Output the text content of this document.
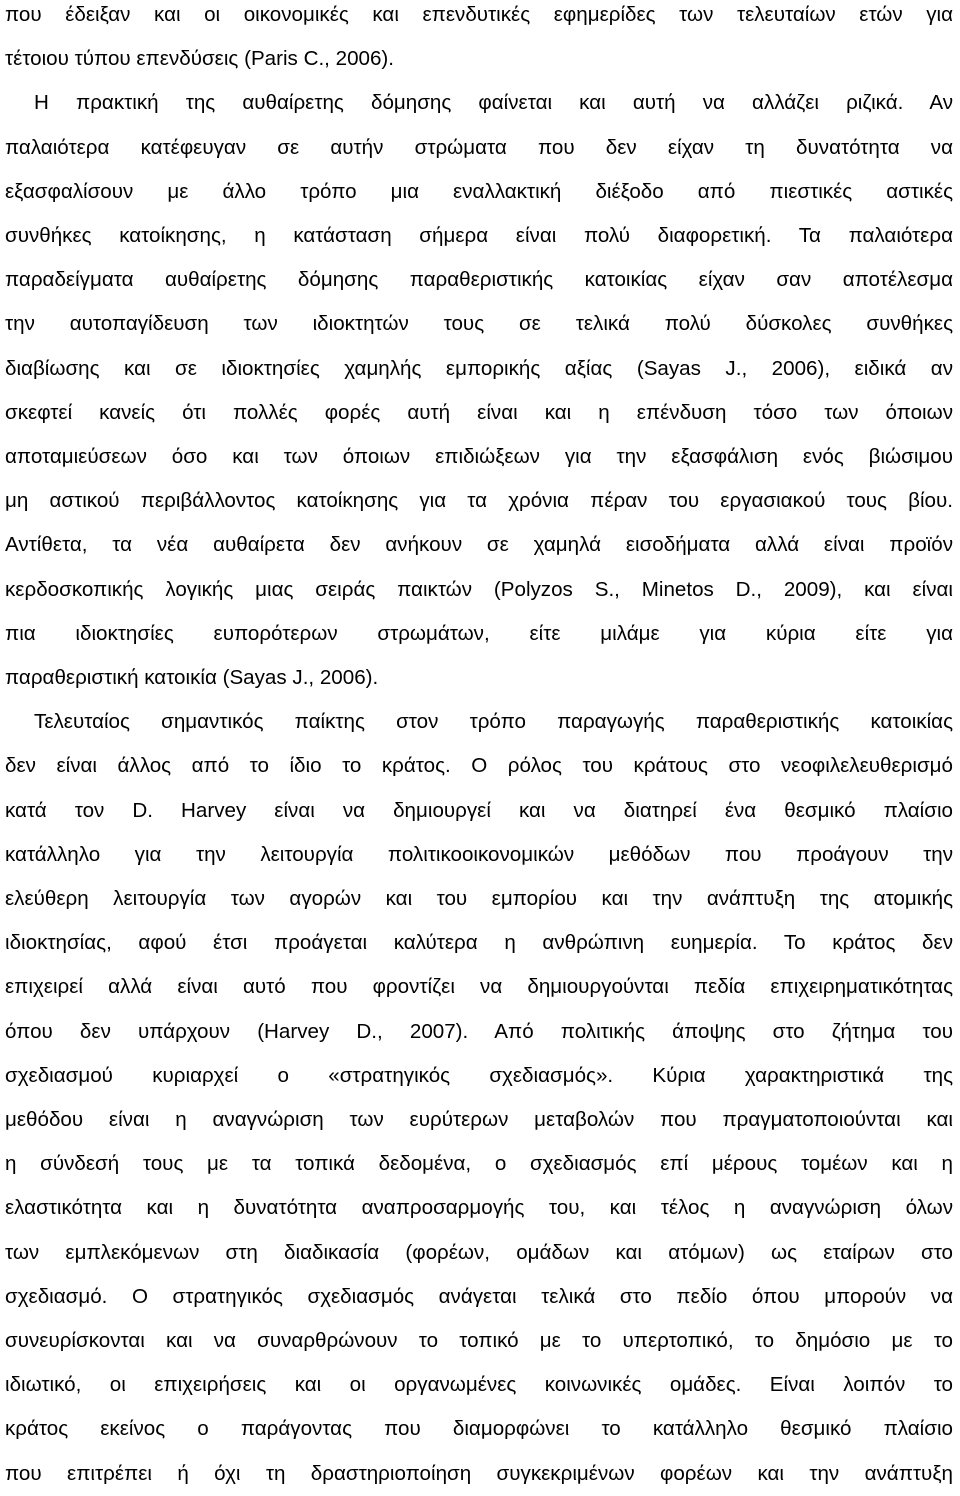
που έδειξαν και οι οικονομικές και επενδυτικές εφημερίδες των τελευταίων ετών για
τέτοιου τύπου επενδύσεις (Paris C., 2006).
Η πρακτική της αυθαίρετης δόμησης φαίνεται και αυτή να αλλάζει ριζικά. Αν
παλαιότερα κατέφευγαν σε αυτήν στρώματα που δεν είχαν τη δυνατότητα να
εξασφαλίσουν με άλλο τρόπο μια εναλλακτική διέξοδο από πιεστικές αστικές
συνθήκες κατοίκησης, η κατάσταση σήμερα είναι πολύ διαφορετική. Τα παλαιότερα
παραδείγματα αυθαίρετης δόμησης παραθεριστικής κατοικίας είχαν σαν αποτέλεσμα
την αυτοπαγίδευση των ιδιοκτητών τους σε τελικά πολύ δύσκολες συνθήκες
διαβίωσης και σε ιδιοκτησίες χαμηλής εμπορικής αξίας (Sayas J., 2006), ειδικά αν
σκεφτεί κανείς ότι πολλές φορές αυτή είναι και η επένδυση τόσο των όποιων
αποταμιεύσεων όσο και των όποιων επιδιώξεων για την εξασφάλιση ενός βιώσιμου
μη αστικού περιβάλλοντος κατοίκησης για τα χρόνια πέραν του εργασιακού τους βίου.
Αντίθετα, τα νέα αυθαίρετα δεν ανήκουν σε χαμηλά εισοδήματα αλλά είναι προϊόν
κερδοσκοπικής λογικής μιας σειράς παικτών (Polyzos S., Minetos D., 2009), και είναι
πια ιδιοκτησίες ευπορότερων στρωμάτων, είτε μιλάμε για κύρια είτε για
παραθεριστική κατοικία (Sayas J., 2006).
Τελευταίος σημαντικός παίκτης στον τρόπο παραγωγής παραθεριστικής κατοικίας
δεν είναι άλλος από το ίδιο το κράτος. Ο ρόλος του κράτους στο νεοφιλελευθερισμό
κατά τον D. Harvey είναι να δημιουργεί και να διατηρεί ένα θεσμικό πλαίσιο
κατάλληλο για την λειτουργία πολιτικοοικονομικών μεθόδων που προάγουν την
ελεύθερη λειτουργία των αγορών και του εμπορίου και την ανάπτυξη της ατομικής
ιδιοκτησίας, αφού έτσι προάγεται καλύτερα η ανθρώπινη ευημερία. Το κράτος δεν
επιχειρεί αλλά είναι αυτό που φροντίζει να δημιουργούνται πεδία επιχειρηματικότητας
όπου δεν υπάρχουν (Harvey D., 2007). Από πολιτικής άποψης στο ζήτημα του
σχεδιασμού κυριαρχεί ο «στρατηγικός σχεδιασμός». Κύρια χαρακτηριστικά της
μεθόδου είναι η αναγνώριση των ευρύτερων μεταβολών που πραγματοποιούνται και
η σύνδεσή τους με τα τοπικά δεδομένα, ο σχεδιασμός επί μέρους τομέων και η
ελαστικότητα και η δυνατότητα αναπροσαρμογής του, και τέλος η αναγνώριση όλων
των εμπλεκόμενων στη διαδικασία (φορέων, ομάδων και ατόμων) ως εταίρων στο
σχεδιασμό. Ο στρατηγικός σχεδιασμός ανάγεται τελικά στο πεδίο όπου μπορούν να
συνευρίσκονται και να συναρθρώνουν το τοπικό με το υπερτοπικό, το δημόσιο με το
ιδιωτικό, οι επιχειρήσεις και οι οργανωμένες κοινωνικές ομάδες. Είναι λοιπόν το
κράτος εκείνος ο παράγοντας που διαμορφώνει το κατάλληλο θεσμικό πλαίσιο
που επιτρέπει ή όχι τη δραστηριοποίηση συγκεκριμένων φορέων και την ανάπτυξη
